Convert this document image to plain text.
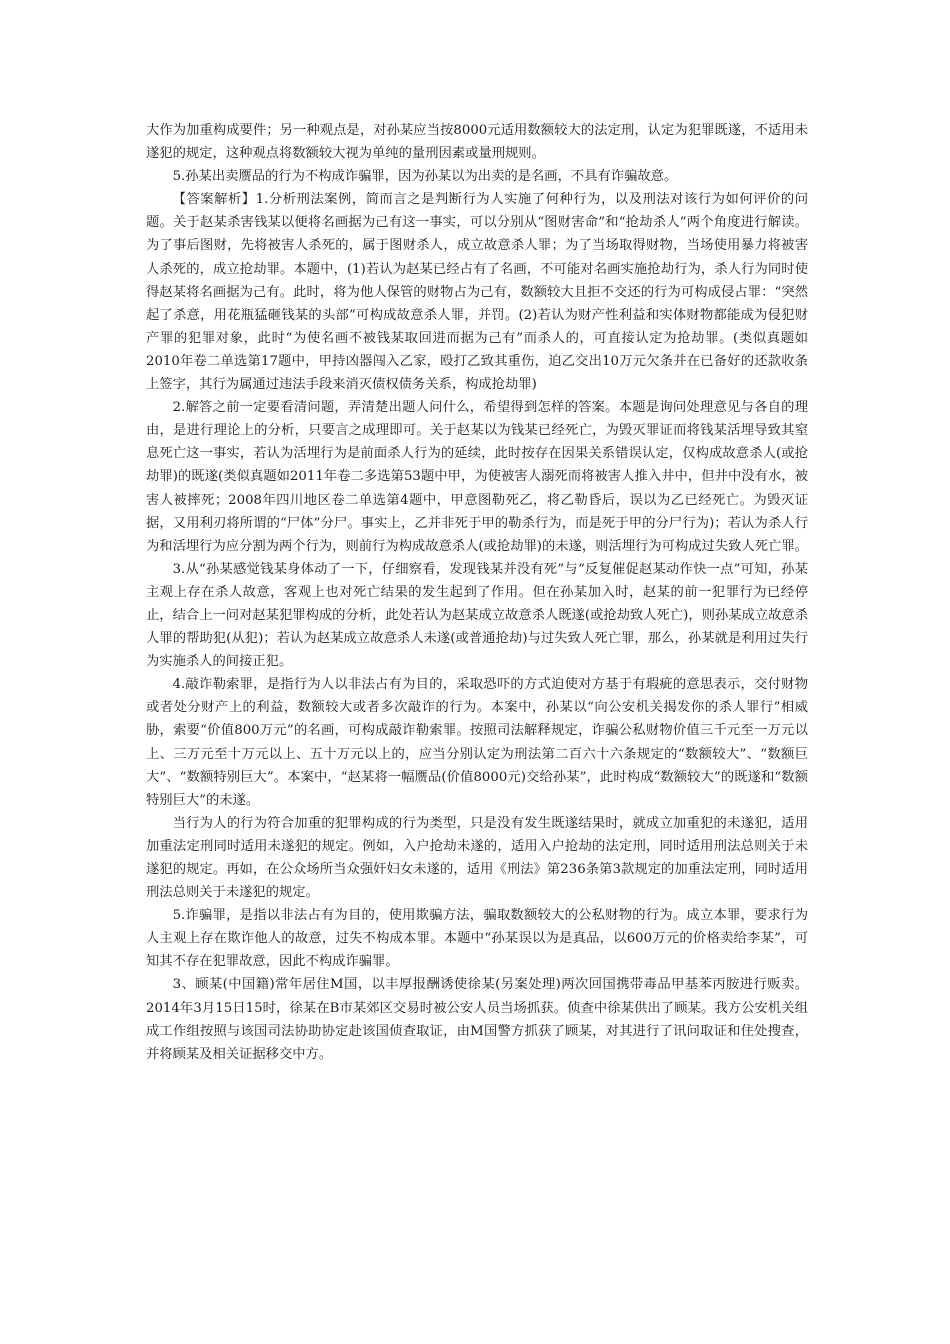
大作为加重构成要件；另一种观点是，对孙某应当按8000元适用数额较大的法定刑，认定为犯罪既遂，不适用未遂犯的规定，这种观点将数额较大视为单纯的量刑因素或量刑规则。

5.孙某出卖赝品的行为不构成诈骗罪，因为孙某以为出卖的是名画，不具有诈骗故意。

【答案解析】1.分析刑法案例，简而言之是判断行为人实施了何种行为，以及刑法对该行为如何评价的问题。关于赵某杀害钱某以便将名画据为己有这一事实，可以分别从“图财害命”和“抢劫杀人”两个角度进行解读。为了事后图财，先将被害人杀死的，属于图财杀人，成立故意杀人罪；为了当场取得财物，当场使用暴力将被害人杀死的，成立抢劫罪。本题中，(1)若认为赵某已经占有了名画，不可能对名画实施抢劫行为，杀人行为同时使得赵某将名画据为己有。此时，将为他人保管的财物占为己有，数额较大且拒不交还的行为可构成侵占罪：“突然起了杀意，用花瓶猛砸钱某的头部”可构成故意杀人罪，并罚。(2)若认为财产性利益和实体财物都能成为侵犯财产罪的犯罪对象，此时“为使名画不被钱某取回进而据为己有”而杀人的，可直接认定为抢劫罪。(类似真题如2010年卷二单选第17题中，甲持凶器闯入乙家，殴打乙致其重伤，迫乙交出10万元欠条并在已备好的还款收条上签字，其行为属通过违法手段来消灭债权债务关系，构成抢劫罪)

2.解答之前一定要看清问题，弄清楚出题人问什么，希望得到怎样的答案。本题是询问处理意见与各自的理由，是进行理论上的分析，只要言之成理即可。关于赵某以为钱某已经死亡，为毁灭罪证而将钱某活埋导致其窒息死亡这一事实，若认为活埋行为是前面杀人行为的延续，此时按存在因果关系错误认定，仅构成故意杀人(或抢劫罪)的既遂(类似真题如2011年卷二多选第53题中甲，为使被害人溺死而将被害人推入井中，但井中没有水，被害人被摔死；2008年四川地区卷二单选第4题中，甲意图勒死乙，将乙勒昏后，误以为乙已经死亡。为毁灭证据，又用利刃将所谓的“尸体”分尸。事实上，乙并非死于甲的勒杀行为，而是死于甲的分尸行为)；若认为杀人行为和活埋行为应分割为两个行为，则前行为构成故意杀人(或抢劫罪)的未遂，则活埋行为可构成过失致人死亡罪。

3.从“孙某感觉钱某身体动了一下，仔细察看，发现钱某并没有死”与“反复催促赵某动作快一点”可知，孙某主观上存在杀人故意，客观上也对死亡结果的发生起到了作用。但在孙某加入时，赵某的前一犯罪行为已经停止，结合上一问对赵某犯罪构成的分析，此处若认为赵某成立故意杀人既遂(或抢劫致人死亡)，则孙某成立故意杀人罪的帮助犯(从犯)；若认为赵某成立故意杀人未遂(或普通抢劫)与过失致人死亡罪，那么，孙某就是利用过失行为实施杀人的间接正犯。

4.敲诈勒索罪，是指行为人以非法占有为目的，采取恐吓的方式迫使对方基于有瑕疵的意思表示，交付财物或者处分财产上的利益，数额较大或者多次敲诈的行为。本案中，孙某以“向公安机关揭发你的杀人罪行”相威胁，索要“价值800万元”的名画，可构成敲诈勒索罪。按照司法解释规定，诈骗公私财物价值三千元至一万元以上、三万元至十万元以上、五十万元以上的，应当分别认定为刑法第二百六十六条规定的“数额较大”、“数额巨大”、“数额特别巨大”。本案中，“赵某将一幅赝品(价值8000元)交给孙某”，此时构成“数额较大”的既遂和“数额特别巨大”的未遂。

当行为人的行为符合加重的犯罪构成的行为类型，只是没有发生既遂结果时，就成立加重犯的未遂犯，适用加重法定刑同时适用未遂犯的规定。例如，入户抢劫未遂的，适用入户抢劫的法定刑，同时适用刑法总则关于未遂犯的规定。再如，在公众场所当众强奸妇女未遂的，适用《刑法》第236条第3款规定的加重法定刑，同时适用刑法总则关于未遂犯的规定。

5.诈骗罪，是指以非法占有为目的，使用欺骗方法，骗取数额较大的公私财物的行为。成立本罪，要求行为人主观上存在欺诈他人的故意，过失不构成本罪。本题中“孙某误以为是真品，以600万元的价格卖给李某”，可知其不存在犯罪故意，因此不构成诈骗罪。

3、顾某(中国籍)常年居住M国，以丰厚报酬诱使徐某(另案处理)两次回国携带毒品甲基苯丙胺进行贩卖。2014年3月15日15时，徐某在B市某郊区交易时被公安人员当场抓获。侦查中徐某供出了顾某。我方公安机关组成工作组按照与该国司法协助协定赴该国侦查取证，由M国警方抓获了顾某，对其进行了讯问取证和住处搜查，并将顾某及相关证据移交中方。
